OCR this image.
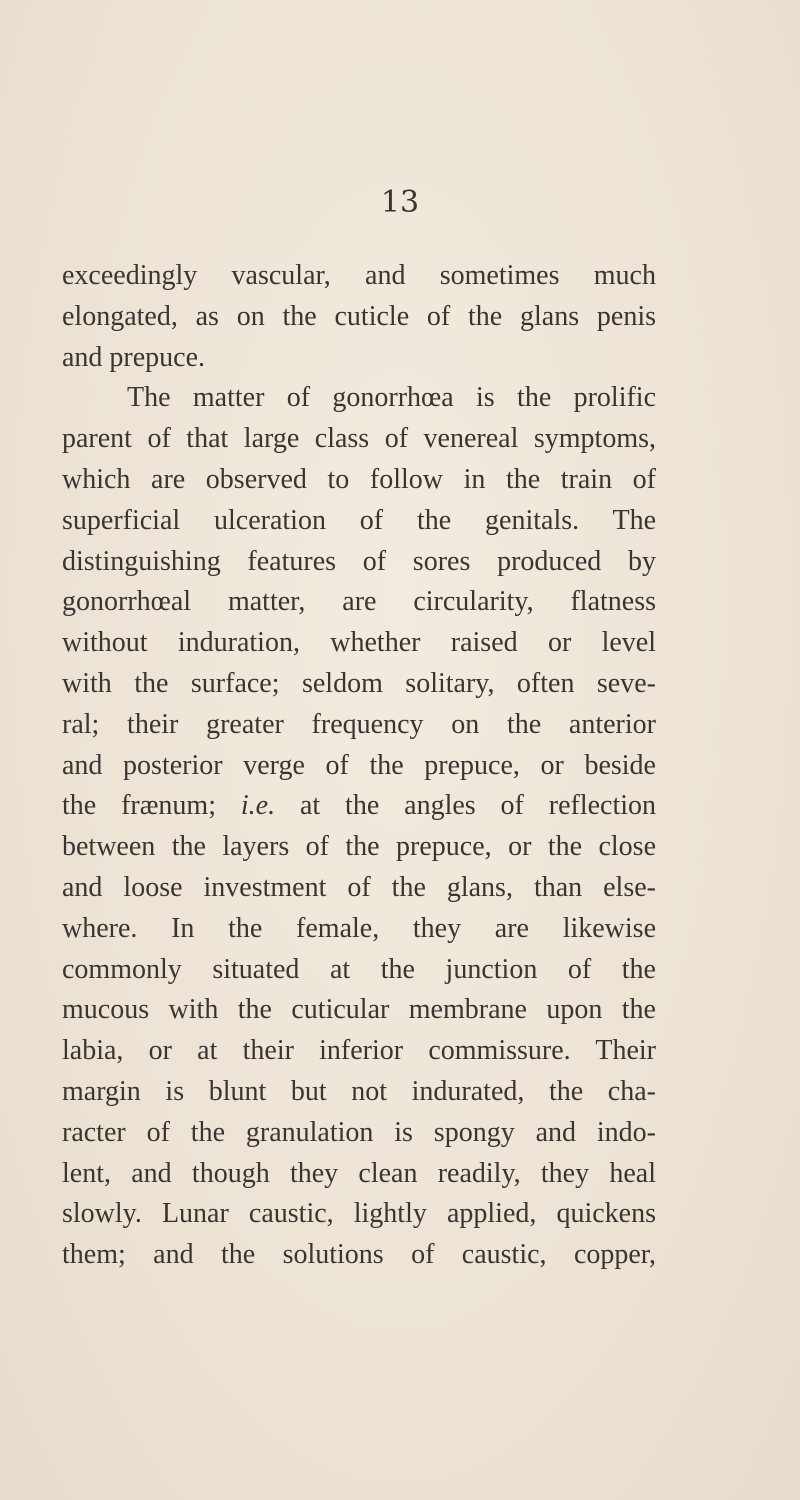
13

exceedingly vascular, and sometimes much
elongated, as on the cuticle of the glans penis
and prepuce.
The matter of gonorrhœa is the prolific
parent of that large class of venereal symptoms,
which are observed to follow in the train of
superficial ulceration of the genitals. The
distinguishing features of sores produced by
gonorrhœal matter, are circularity, flatness
without induration, whether raised or level
with the surface; seldom solitary, often seve-
ral; their greater frequency on the anterior
and posterior verge of the prepuce, or beside
the frænum; i.e. at the angles of reflection
between the layers of the prepuce, or the close
and loose investment of the glans, than else-
where. In the female, they are likewise
commonly situated at the junction of the
mucous with the cuticular membrane upon the
labia, or at their inferior commissure. Their
margin is blunt but not indurated, the cha-
racter of the granulation is spongy and indo-
lent, and though they clean readily, they heal
slowly. Lunar caustic, lightly applied, quickens
them; and the solutions of caustic, copper,
